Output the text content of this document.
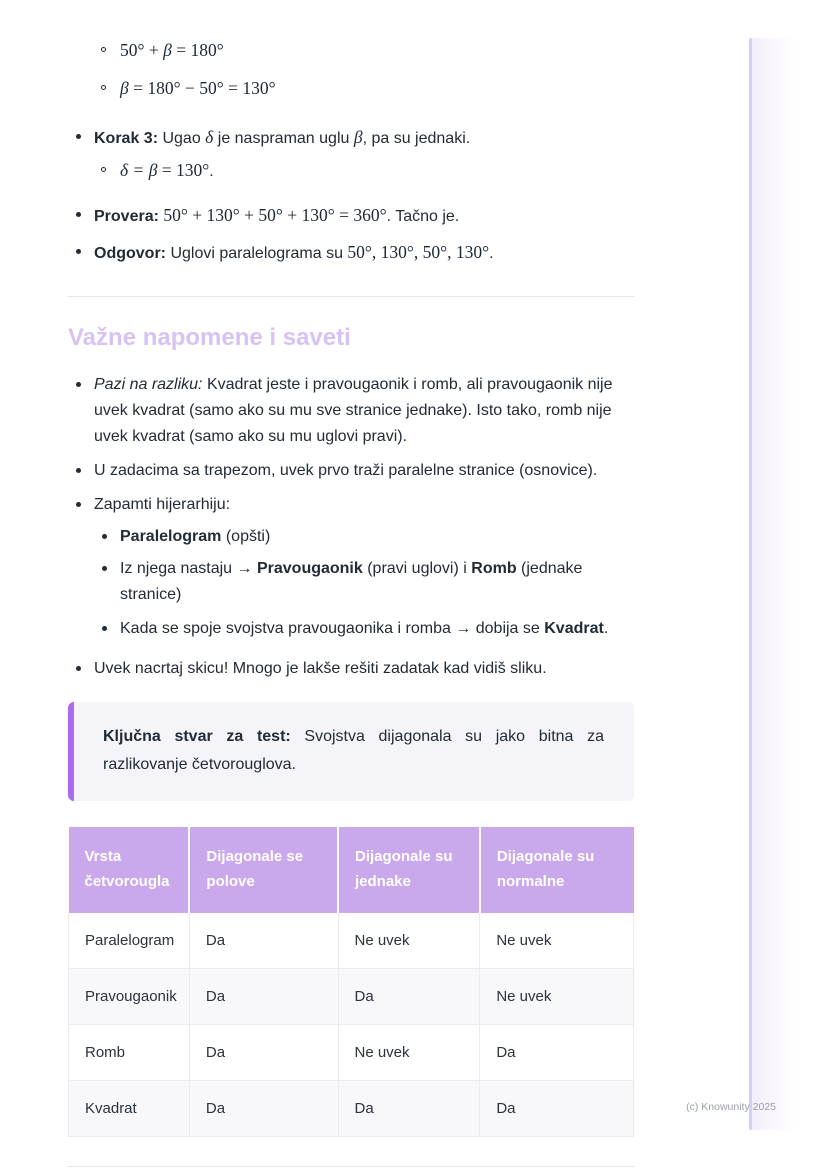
50° + β = 180°
β = 180° − 50° = 130°
Korak 3: Ugao δ je naspraman uglu β, pa su jednaki.
δ = β = 130°.
Provera: 50° + 130° + 50° + 130° = 360°. Tačno je.
Odgovor: Uglovi paralelograma su 50°, 130°, 50°, 130°.
Važne napomene i saveti
Pazi na razliku: Kvadrat jeste i pravougaonik i romb, ali pravougaonik nije uvek kvadrat (samo ako su mu sve stranice jednake). Isto tako, romb nije uvek kvadrat (samo ako su mu uglovi pravi).
U zadacima sa trapezom, uvek prvo traži paralelne stranice (osnovice).
Zapamti hijerarhiju:
Paralelogram (opšti)
Iz njega nastaju → Pravougaonik (pravi uglovi) i Romb (jednake stranice)
Kada se spoje svojstva pravougaonika i romba → dobija se Kvadrat.
Uvek nacrtaj skicu! Mnogo je lakše rešiti zadatak kad vidiš sliku.

Ključna stvar za test: Svojstva dijagonala su jako bitna za razlikovanje četvorouglova.

Vrsta četvorougla	Dijagonale se polove	Dijagonale su jednake	Dijagonale su normalne
Paralelogram	Da	Ne uvek	Ne uvek
Pravougaonik	Da	Da	Ne uvek
Romb	Da	Ne uvek	Da
Kvadrat	Da	Da	Da	(c) Knowunity 2025
